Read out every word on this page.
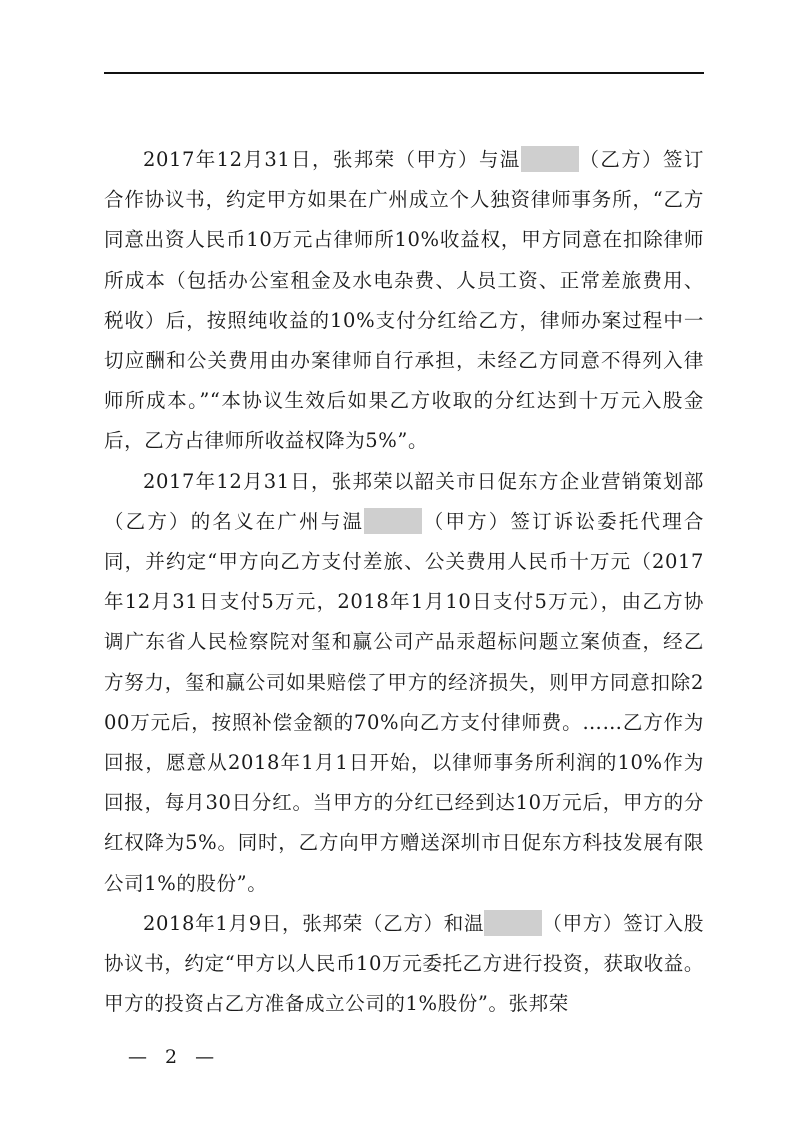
2017年12月31日，张邦荣（甲方）与温	（乙方）签订合作协议书，约定甲方如果在广州成立个人独资律师事务所，“乙方同意出资人民币10万元占律师所10%收益权，甲方同意在扣除律师所成本（包括办公室租金及水电杂费、人员工资、正常差旅费用、税收）后，按照纯收益的10%支付分红给乙方，律师办案过程中一切应酬和公关费用由办案律师自行承担，未经乙方同意不得列入律师所成本。”“本协议生效后如果乙方收取的分红达到十万元入股金后，乙方占律师所收益权降为5%”。

2017年12月31日，张邦荣以韶关市日促东方企业营销策划部（乙方）的名义在广州与温	（甲方）签订诉讼委托代理合同，并约定“甲方向乙方支付差旅、公关费用人民币十万元（2017年12月31日支付5万元，2018年1月10日支付5万元），由乙方协调广东省人民检察院对玺和赢公司产品汞超标问题立案侦查，经乙方努力，玺和赢公司如果赔偿了甲方的经济损失，则甲方同意扣除200万元后，按照补偿金额的70%向乙方支付律师费。……乙方作为回报，愿意从2018年1月1日开始，以律师事务所利润的10%作为回报，每月30日分红。当甲方的分红已经到达10万元后，甲方的分红权降为5%。同时，乙方向甲方赠送深圳市日促东方科技发展有限公司1%的股份”。

2018年1月9日，张邦荣（乙方）和温	（甲方）签订入股协议书，约定“甲方以人民币10万元委托乙方进行投资，获取收益。甲方的投资占乙方准备成立公司的1%股份”。张邦荣

— 2 —
